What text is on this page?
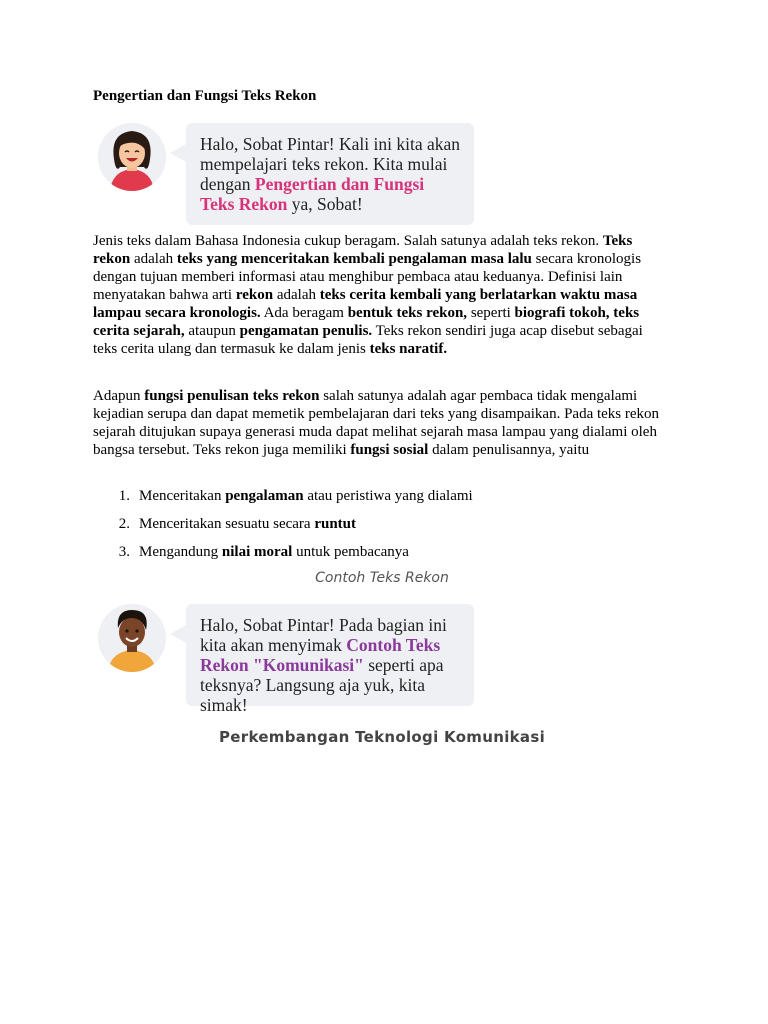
Pengertian dan Fungsi Teks Rekon
Halo, Sobat Pintar! Kali ini kita akan mempelajari teks rekon. Kita mulai dengan Pengertian dan Fungsi Teks Rekon ya, Sobat!

Jenis teks dalam Bahasa Indonesia cukup beragam. Salah satunya adalah teks rekon. Teks rekon adalah teks yang menceritakan kembali pengalaman masa lalu secara kronologis dengan tujuan memberi informasi atau menghibur pembaca atau keduanya. Definisi lain menyatakan bahwa arti rekon adalah teks cerita kembali yang berlatarkan waktu masa lampau secara kronologis. Ada beragam bentuk teks rekon, seperti biografi tokoh, teks cerita sejarah, ataupun pengamatan penulis. Teks rekon sendiri juga acap disebut sebagai teks cerita ulang dan termasuk ke dalam jenis teks naratif.

Adapun fungsi penulisan teks rekon salah satunya adalah agar pembaca tidak mengalami kejadian serupa dan dapat memetik pembelajaran dari teks yang disampaikan. Pada teks rekon sejarah ditujukan supaya generasi muda dapat melihat sejarah masa lampau yang dialami oleh bangsa tersebut. Teks rekon juga memiliki fungsi sosial dalam penulisannya, yaitu

1. Menceritakan pengalaman atau peristiwa yang dialami
2. Menceritakan sesuatu secara runtut
3. Mengandung nilai moral untuk pembacanya
Contoh Teks Rekon
Halo, Sobat Pintar! Pada bagian ini kita akan menyimak Contoh Teks Rekon "Komunikasi" seperti apa teksnya? Langsung aja yuk, kita simak!
Perkembangan Teknologi Komunikasi
